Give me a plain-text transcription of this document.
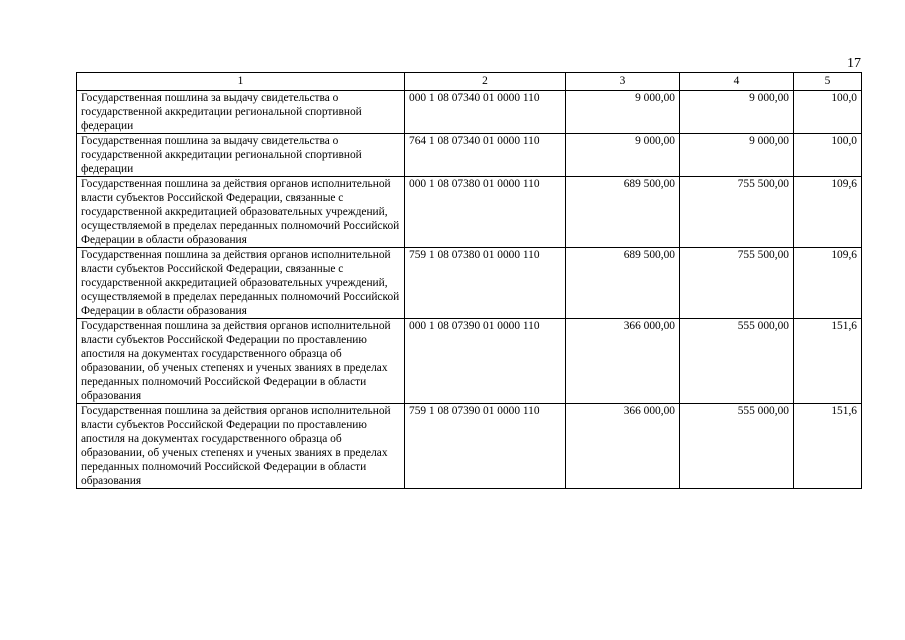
17
1	2	3	4	5
Государственная пошлина за выдачу свидетельства о государственной аккредитации региональной спортивной федерации	000 1 08 07340 01 0000 110	9 000,00	9 000,00	100,0
Государственная пошлина за выдачу свидетельства о государственной аккредитации региональной спортивной федерации	764 1 08 07340 01 0000 110	9 000,00	9 000,00	100,0
Государственная пошлина за действия органов исполнительной власти субъектов Российской Федерации, связанные с государственной аккредитацией образовательных учреждений, осуществляемой в пределах переданных полномочий Российской Федерации в области образования	000 1 08 07380 01 0000 110	689 500,00	755 500,00	109,6
Государственная пошлина за действия органов исполнительной власти субъектов Российской Федерации, связанные с государственной аккредитацией образовательных учреждений, осуществляемой в пределах переданных полномочий Российской Федерации в области образования	759 1 08 07380 01 0000 110	689 500,00	755 500,00	109,6
Государственная пошлина за действия органов исполнительной власти субъектов Российской Федерации по проставлению апостиля на документах государственного образца об образовании, об ученых степенях и ученых званиях в пределах переданных полномочий Российской Федерации в области образования	000 1 08 07390 01 0000 110	366 000,00	555 000,00	151,6
Государственная пошлина за действия органов исполнительной власти субъектов Российской Федерации по проставлению апостиля на документах государственного образца об образовании, об ученых степенях и ученых званиях в пределах переданных полномочий Российской Федерации в области образования	759 1 08 07390 01 0000 110	366 000,00	555 000,00	151,6
